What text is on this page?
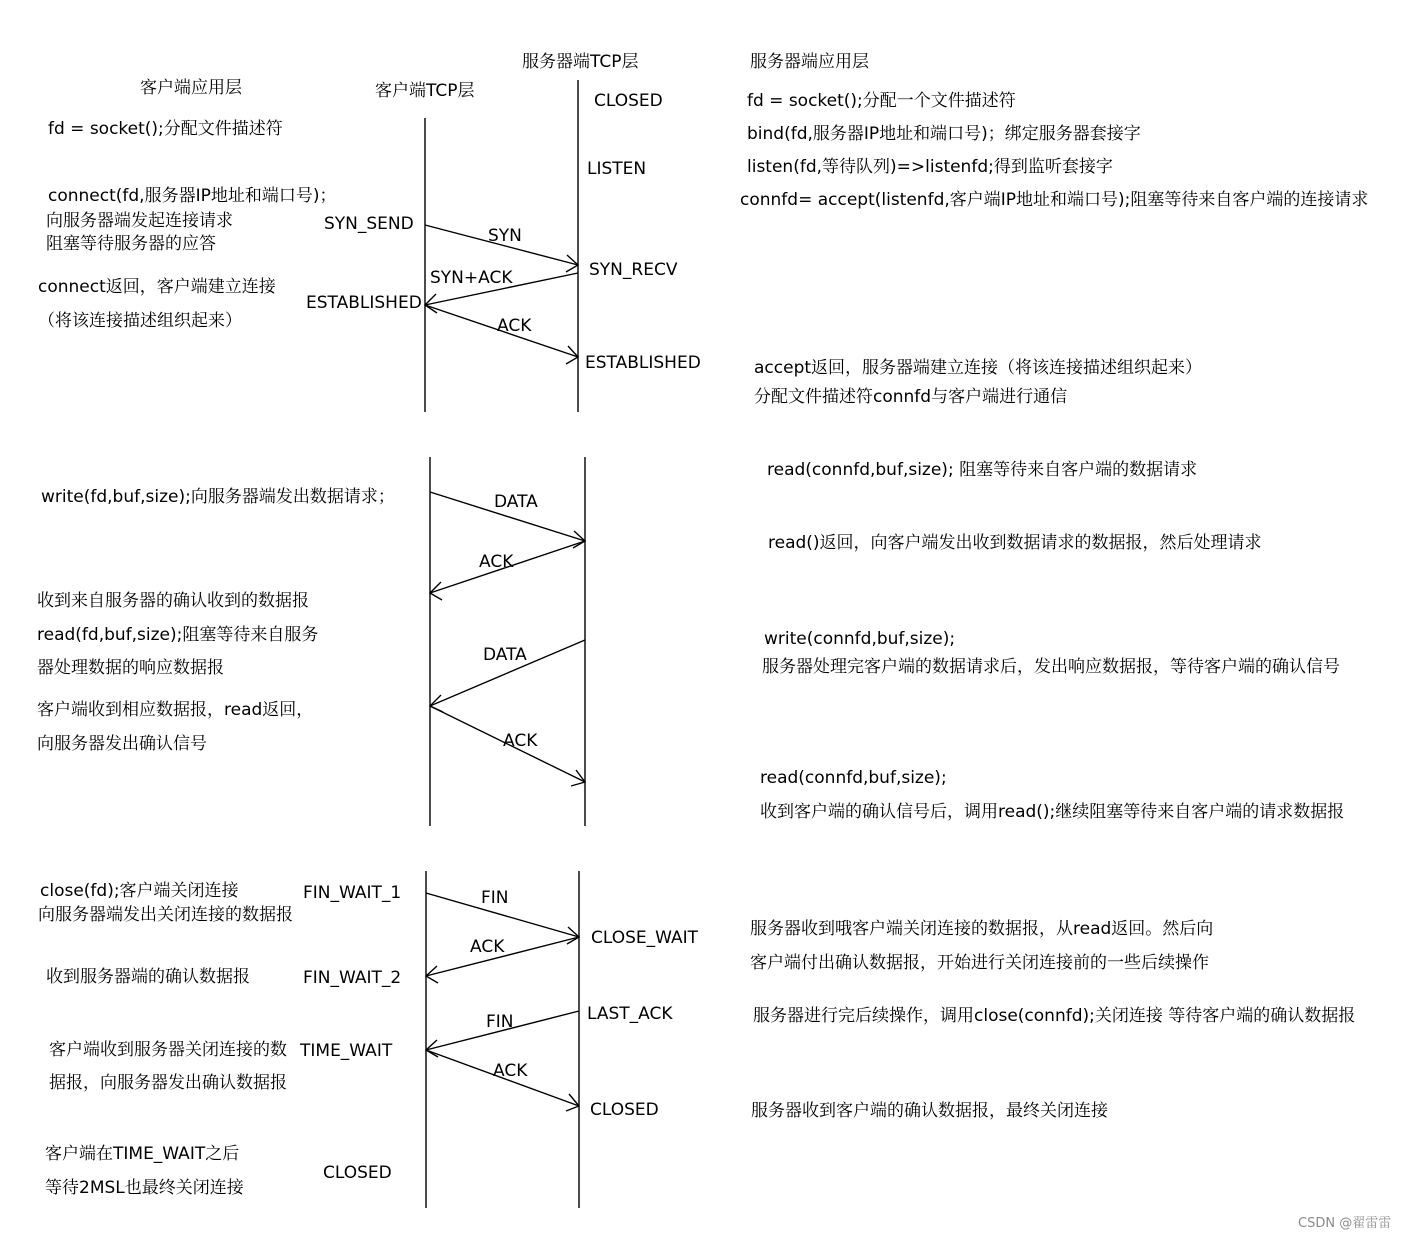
客户端应用层	客户端TCP层
服务器端TCP层	服务器端应用层
fd = socket();分配文件描述符
connect(fd,服务器IP地址和端口号)；
向服务器端发起连接请求
阻塞等待服务器的应答
connect返回，客户端建立连接
（将该连接描述组织起来）
SYN_SEND
ESTABLISHED
CLOSED
LISTEN
SYN_RECV
ESTABLISHED
SYN
SYN+ACK
ACK
fd = socket();分配一个文件描述符
bind(fd,服务器IP地址和端口号)；绑定服务器套接字
listen(fd,等待队列)=>listenfd;得到监听套接字
connfd= accept(listenfd,客户端IP地址和端口号);阻塞等待来自客户端的连接请求
accept返回，服务器端建立连接（将该连接描述组织起来）
分配文件描述符connfd与客户端进行通信
write(fd,buf,size);向服务器端发出数据请求；
收到来自服务器的确认收到的数据报
read(fd,buf,size);阻塞等待来自服务
器处理数据的响应数据报
客户端收到相应数据报，read返回，
向服务器发出确认信号
DATA
ACK
DATA
ACK
read(connfd,buf,size); 阻塞等待来自客户端的数据请求
read()返回，向客户端发出收到数据请求的数据报，然后处理请求
write(connfd,buf,size);
服务器处理完客户端的数据请求后，发出响应数据报，等待客户端的确认信号
read(connfd,buf,size);
收到客户端的确认信号后，调用read();继续阻塞等待来自客户端的请求数据报
close(fd);客户端关闭连接
向服务器端发出关闭连接的数据报
收到服务器端的确认数据报
客户端收到服务器关闭连接的数
据报，向服务器发出确认数据报
客户端在TIME_WAIT之后
等待2MSL也最终关闭连接
FIN_WAIT_1
FIN_WAIT_2
TIME_WAIT
CLOSED
CLOSE_WAIT
LAST_ACK
CLOSED
FIN
ACK
FIN
ACK
服务器收到哦客户端关闭连接的数据报，从read返回。然后向
客户端付出确认数据报，开始进行关闭连接前的一些后续操作
服务器进行完后续操作，调用close(connfd);关闭连接 等待客户端的确认数据报
服务器收到客户端的确认数据报，最终关闭连接
CSDN @翟雷雷
